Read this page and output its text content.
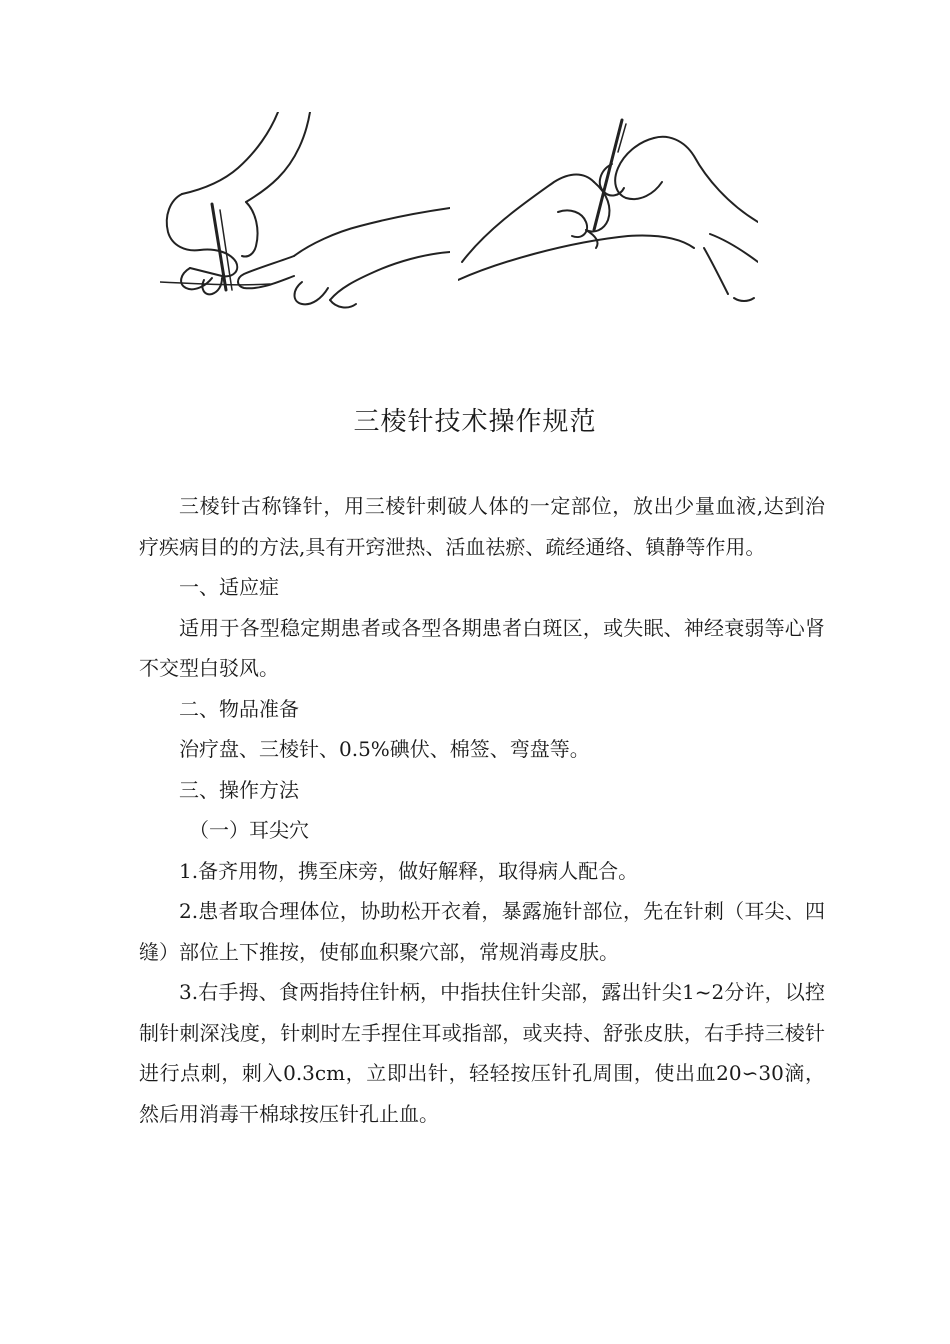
三棱针技术操作规范

三棱针古称锋针，用三棱针刺破人体的一定部位，放出少量血液,达到治疗疾病目的的方法,具有开窍泄热、活血祛瘀、疏经通络、镇静等作用。

一、适应症

适用于各型稳定期患者或各型各期患者白斑区，或失眠、神经衰弱等心肾不交型白驳风。

二、物品准备

治疗盘、三棱针、0.5%碘伏、棉签、弯盘等。

三、操作方法

（一）耳尖穴

1.备齐用物，携至床旁，做好解释，取得病人配合。

2.患者取合理体位，协助松开衣着，暴露施针部位，先在针刺（耳尖、四缝）部位上下推按，使郁血积聚穴部，常规消毒皮肤。

3.右手拇、食两指持住针柄，中指扶住针尖部，露出针尖1~2分许，以控制针刺深浅度，针刺时左手捏住耳或指部，或夹持、舒张皮肤，右手持三棱针进行点刺，刺入0.3cm，立即出针，轻轻按压针孔周围，使出血20∽30滴，然后用消毒干棉球按压针孔止血。
